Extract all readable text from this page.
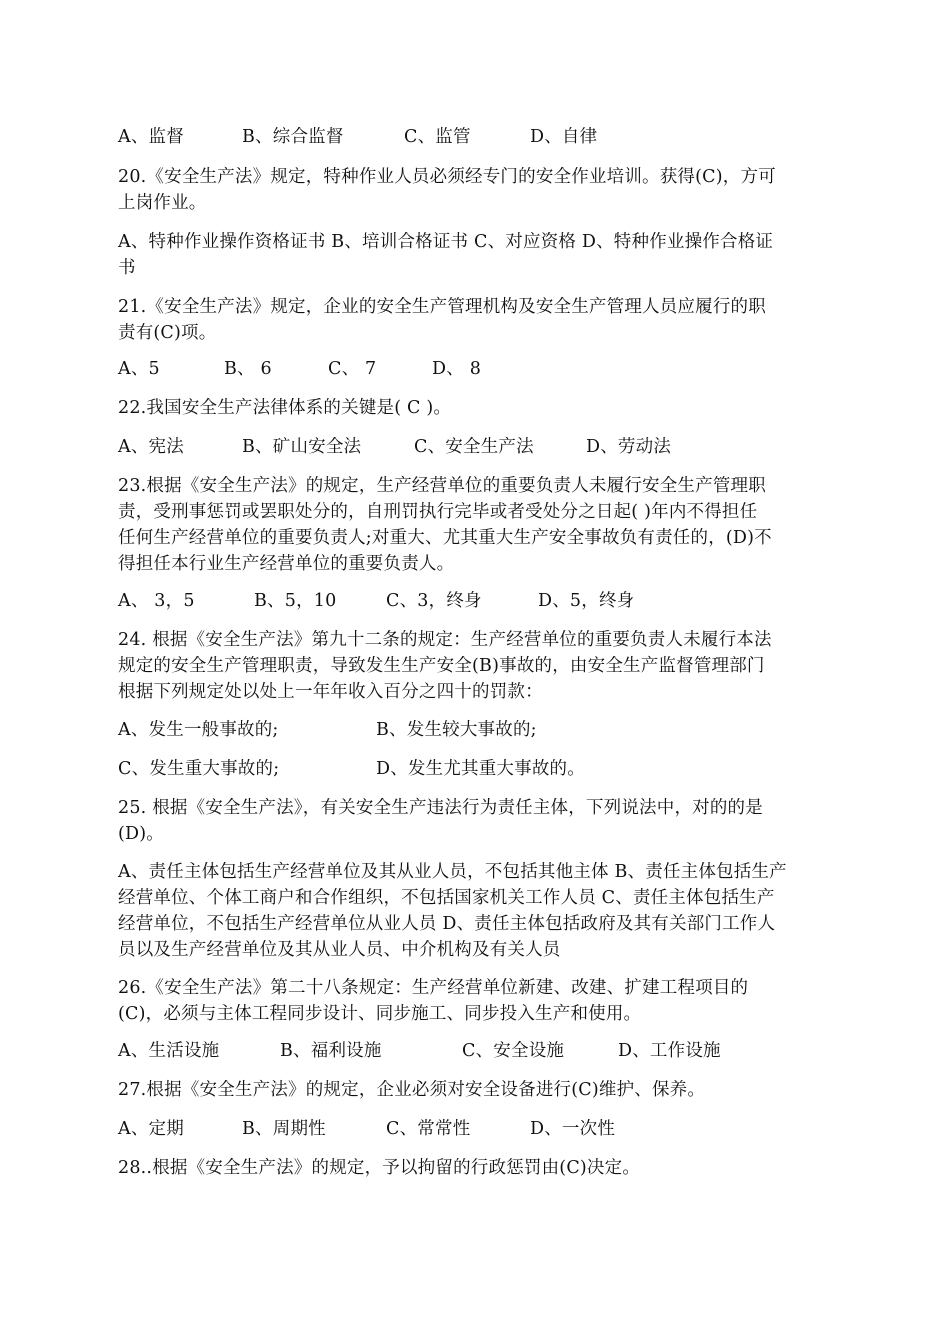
A、监督

	B、综合监督

	C、监管

	D、自律

20.《安全生产法》规定，特种作业人员必须经专门的安全作业培训。获得(C)，方可
上岗作业。
A、特种作业操作资格证书 B、培训合格证书 C、对应资格 D、特种作业操作合格证
书
21.《安全生产法》规定，企业的安全生产管理机构及安全生产管理人员应履行的职
责有(C)项。

A、5

	B、 6

	C、 7

	D、 8

22.我国安全生产法律体系的关键是( C )。

A、宪法

	B、矿山安全法

	C、安全生产法

	D、劳动法

23.根据《安全生产法》的规定，生产经营单位的重要负责人未履行安全生产管理职
责，受刑事惩罚或罢职处分的，自刑罚执行完毕或者受处分之日起( )年内不得担任
任何生产经营单位的重要负责人;对重大、尤其重大生产安全事故负有责任的，(D)不
得担任本行业生产经营单位的重要负责人。

A、 3，5

	B、5，10

	C、3，终身

	D、5，终身

24. 根据《安全生产法》第九十二条的规定：生产经营单位的重要负责人未履行本法
规定的安全生产管理职责，导致发生生产安全(B)事故的，由安全生产监督管理部门
根据下列规定处以处上一年年收入百分之四十的罚款：

A、发生一般事故的;

	B、发生较大事故的;

C、发生重大事故的;

	D、发生尤其重大事故的。

25. 根据《安全生产法》，有关安全生产违法行为责任主体，下列说法中，对的的是
(D)。
A、责任主体包括生产经营单位及其从业人员，不包括其他主体 B、责任主体包括生产
经营单位、个体工商户和合作组织，不包括国家机关工作人员 C、责任主体包括生产
经营单位，不包括生产经营单位从业人员 D、责任主体包括政府及其有关部门工作人
员以及生产经营单位及其从业人员、中介机构及有关人员
26.《安全生产法》第二十八条规定：生产经营单位新建、改建、扩建工程项目的
(C)，必须与主体工程同步设计、同步施工、同步投入生产和使用。

A、生活设施

	B、福利设施

	C、安全设施

	D、工作设施

27.根据《安全生产法》的规定，企业必须对安全设备进行(C)维护、保养。

A、定期

	B、周期性

	C、常常性

	D、一次性

28..根据《安全生产法》的规定，予以拘留的行政惩罚由(C)决定。
